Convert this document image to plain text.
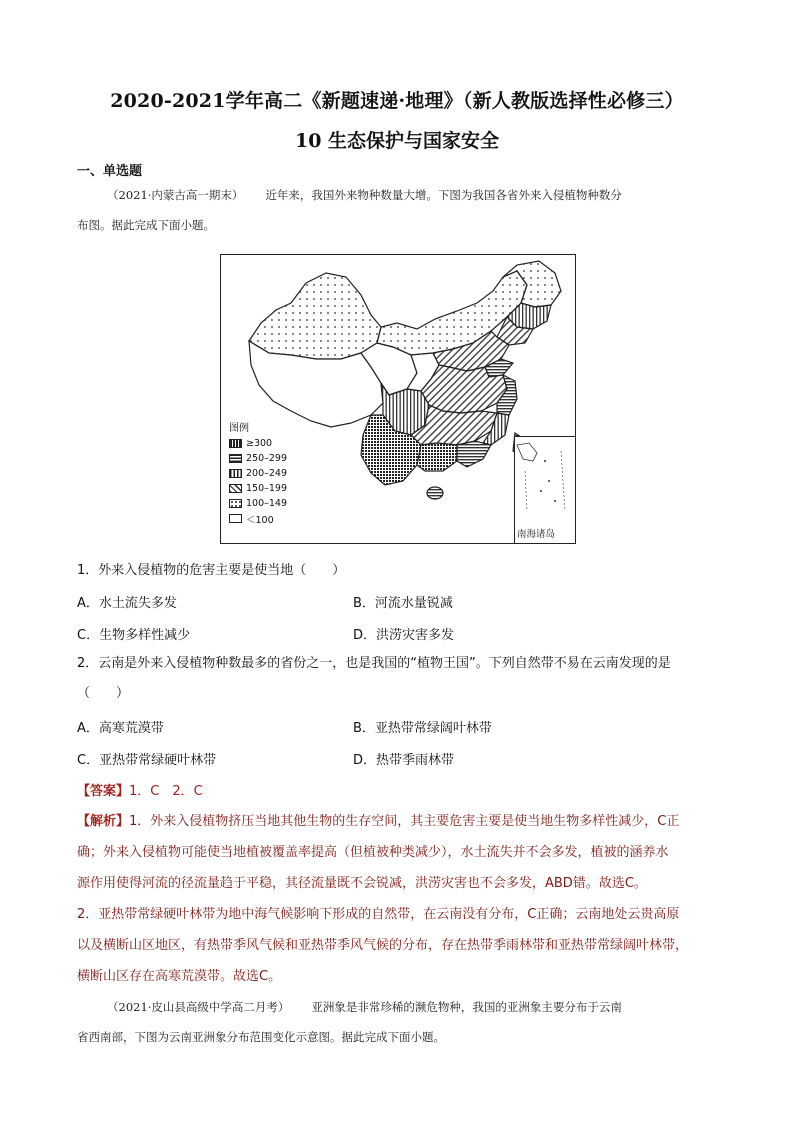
2020-2021学年高二《新题速递·地理》（新人教版选择性必修三）
10 生态保护与国家安全
一、单选题
（2021·内蒙古高一期末） 近年来，我国外来物种数量大增。下图为我国各省外来入侵植物种数分
布图。据此完成下面小题。
图例
≥300
250–299
200–249
150–199
100–149
＜100
南海诸岛
1．外来入侵植物的危害主要是使当地（　　）
A．水土流失多发	B．河流水量锐减
C．生物多样性减少	D．洪涝灾害多发
2．云南是外来入侵植物种数最多的省份之一，也是我国的“植物王国”。下列自然带不易在云南发现的是
（　　）
A．高寒荒漠带	B．亚热带常绿阔叶林带
C．亚热带常绿硬叶林带	D．热带季雨林带
【答案】1．C　2．C
【解析】1．外来入侵植物挤压当地其他生物的生存空间，其主要危害主要是使当地生物多样性减少，C正
确；外来入侵植物可能使当地植被覆盖率提高（但植被种类减少），水土流失并不会多发，植被的涵养水
源作用使得河流的径流量趋于平稳，其径流量既不会锐减，洪涝灾害也不会多发，ABD错。故选C。
2．亚热带常绿硬叶林带为地中海气候影响下形成的自然带，在云南没有分布，C正确；云南地处云贵高原
以及横断山区地区，有热带季风气候和亚热带季风气候的分布，存在热带季雨林带和亚热带常绿阔叶林带，
横断山区存在高寒荒漠带。故选C。
（2021·皮山县高级中学高二月考） 亚洲象是非常珍稀的濒危物种，我国的亚洲象主要分布于云南
省西南部，下图为云南亚洲象分布范围变化示意图。据此完成下面小题。
